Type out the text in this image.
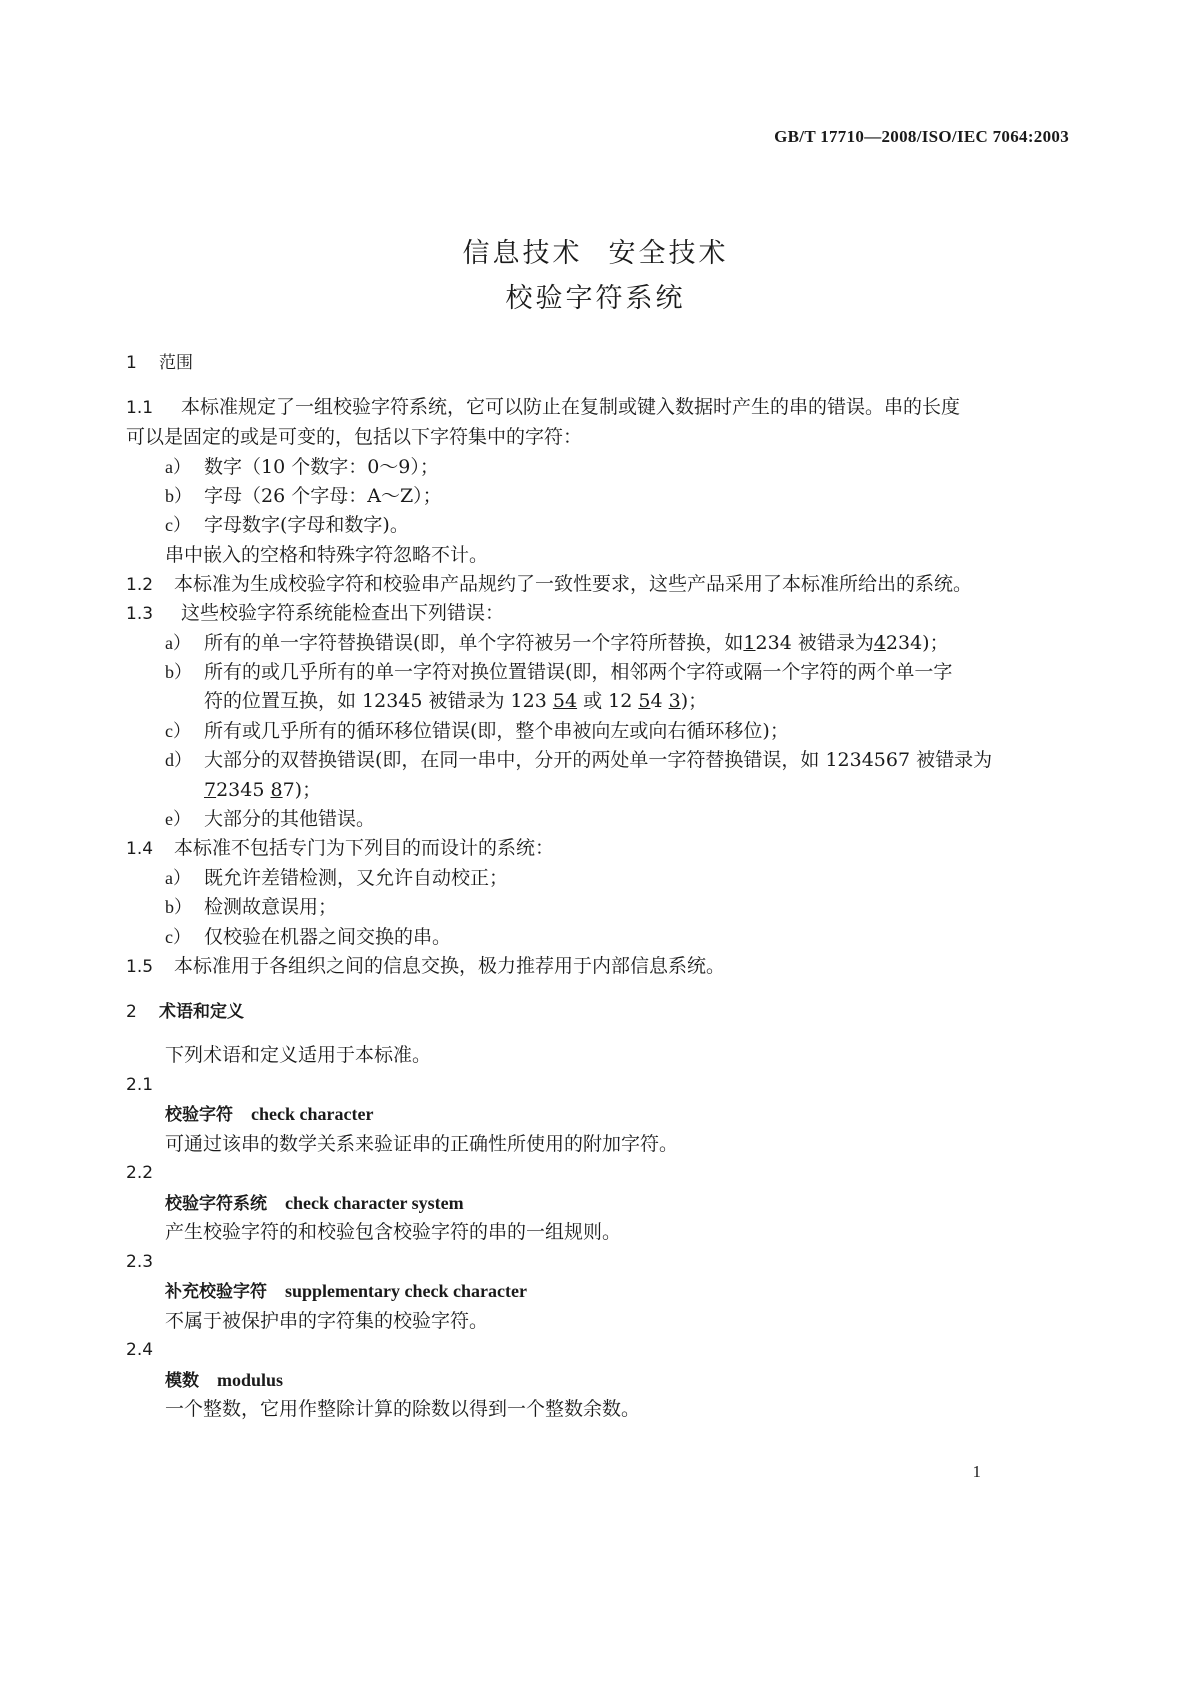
GB/T 17710—2008/ISO/IEC 7064:2003
信息技术 安全技术
校验字符系统
1 范围
1.1 本标准规定了一组校验字符系统，它可以防止在复制或键入数据时产生的串的错误。串的长度
可以是固定的或是可变的，包括以下字符集中的字符：
a） 数字（10 个数字：0～9）；
b） 字母（26 个字母：A～Z）；
c） 字母数字(字母和数字)。
串中嵌入的空格和特殊字符忽略不计。
1.2 本标准为生成校验字符和校验串产品规约了一致性要求，这些产品采用了本标准所给出的系统。
1.3 这些校验字符系统能检查出下列错误：
a） 所有的单一字符替换错误(即，单个字符被另一个字符所替换，如1234 被错录为4234)；
b） 所有的或几乎所有的单一字符对换位置错误(即，相邻两个字符或隔一个字符的两个单一字
符的位置互换，如 12345 被错录为 123 54 或 12 54 3)；
c） 所有或几乎所有的循环移位错误(即，整个串被向左或向右循环移位)；
d） 大部分的双替换错误(即，在同一串中，分开的两处单一字符替换错误，如 1234567 被错录为
72345 87)；
e） 大部分的其他错误。
1.4 本标准不包括专门为下列目的而设计的系统：
a） 既允许差错检测，又允许自动校正；
b） 检测故意误用；
c） 仅校验在机器之间交换的串。
1.5 本标准用于各组织之间的信息交换，极力推荐用于内部信息系统。
2 术语和定义
下列术语和定义适用于本标准。
2.1
校验字符 check character
可通过该串的数学关系来验证串的正确性所使用的附加字符。
2.2
校验字符系统 check character system
产生校验字符的和校验包含校验字符的串的一组规则。
2.3
补充校验字符 supplementary check character
不属于被保护串的字符集的校验字符。
2.4
模数 modulus
一个整数，它用作整除计算的除数以得到一个整数余数。
1
